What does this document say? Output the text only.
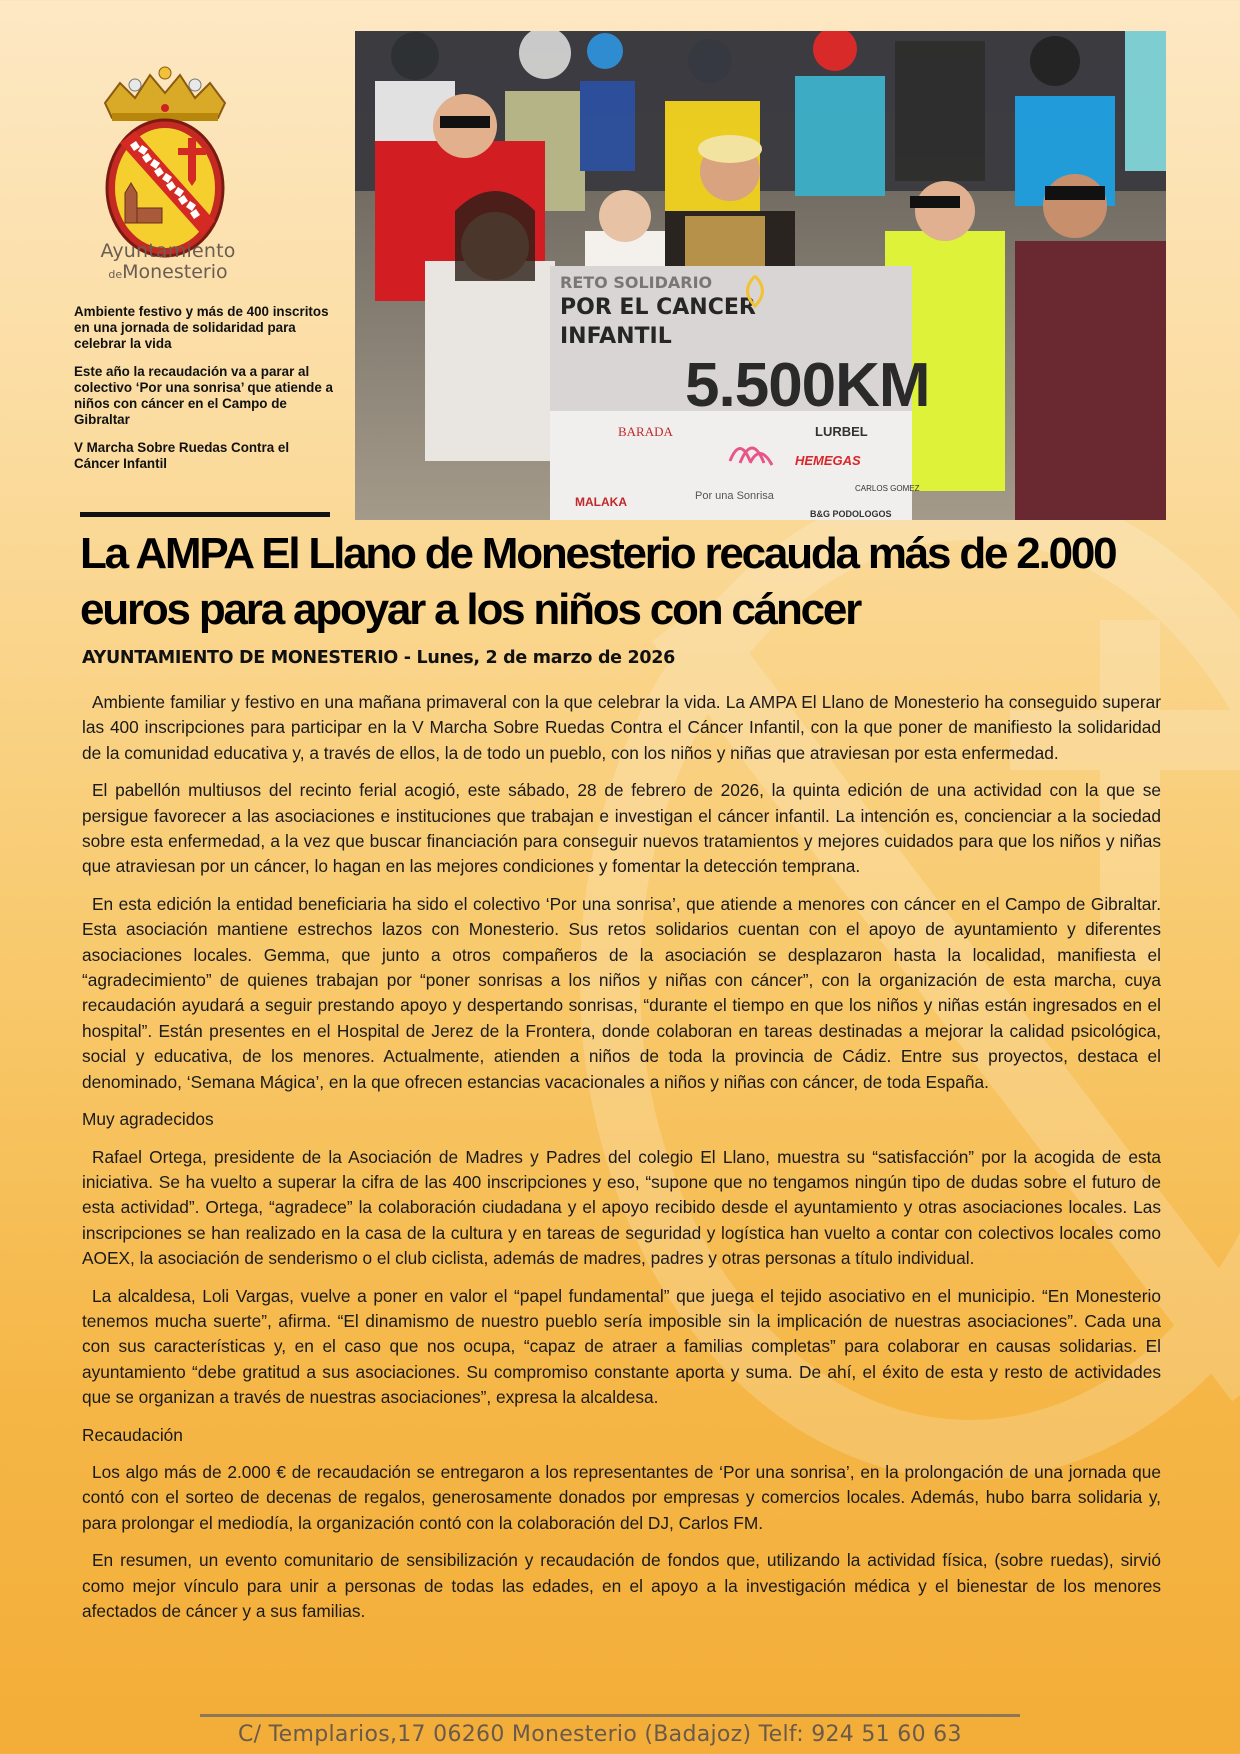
Ayuntamiento
deMonesterio

Ambiente festivo y más de 400 inscritos en una jornada de solidaridad para celebrar la vida

Este año la recaudación va a parar al colectivo ‘Por una sonrisa’ que atiende a niños con cáncer en el Campo de Gibraltar

V Marcha Sobre Ruedas Contra el Cáncer Infantil

RETO SOLIDARIO
POR EL CANCER
INFANTIL
5.500KM
BARADA	LURBEL
HEMEGAS
Por una Sonrisa
MALAKA
B&G PODOLOGOS
CARLOS GOMEZ
La AMPA El Llano de Monesterio recauda más de 2.000 euros para apoyar a los niños con cáncer
AYUNTAMIENTO DE MONESTERIO - Lunes, 2 de marzo de 2026

Ambiente familiar y festivo en una mañana primaveral con la que celebrar la vida. La AMPA El Llano de Monesterio ha conseguido superar las 400 inscripciones para participar en la V Marcha Sobre Ruedas Contra el Cáncer Infantil, con la que poner de manifiesto la solidaridad de la comunidad educativa y, a través de ellos, la de todo un pueblo, con los niños y niñas que atraviesan por esta enfermedad.

El pabellón multiusos del recinto ferial acogió, este sábado, 28 de febrero de 2026, la quinta edición de una actividad con la que se persigue favorecer a las asociaciones e instituciones que trabajan e investigan el cáncer infantil. La intención es, concienciar a la sociedad sobre esta enfermedad, a la vez que buscar financiación para conseguir nuevos tratamientos y mejores cuidados para que los niños y niñas que atraviesan por un cáncer, lo hagan en las mejores condiciones y fomentar la detección temprana.

En esta edición la entidad beneficiaria ha sido el colectivo ‘Por una sonrisa’, que atiende a menores con cáncer en el Campo de Gibraltar. Esta asociación mantiene estrechos lazos con Monesterio. Sus retos solidarios cuentan con el apoyo de ayuntamiento y diferentes asociaciones locales. Gemma, que junto a otros compañeros de la asociación se desplazaron hasta la localidad, manifiesta el “agradecimiento” de quienes trabajan por “poner sonrisas a los niños y niñas con cáncer”, con la organización de esta marcha, cuya recaudación ayudará a seguir prestando apoyo y despertando sonrisas, “durante el tiempo en que los niños y niñas están ingresados en el hospital”. Están presentes en el Hospital de Jerez de la Frontera, donde colaboran en tareas destinadas a mejorar la calidad psicológica, social y educativa, de los menores. Actualmente, atienden a niños de toda la provincia de Cádiz. Entre sus proyectos, destaca el denominado, ‘Semana Mágica’, en la que ofrecen estancias vacacionales a niños y niñas con cáncer, de toda España.

Muy agradecidos

Rafael Ortega, presidente de la Asociación de Madres y Padres del colegio El Llano, muestra su “satisfacción” por la acogida de esta iniciativa. Se ha vuelto a superar la cifra de las 400 inscripciones y eso, “supone que no tengamos ningún tipo de dudas sobre el futuro de esta actividad”. Ortega, “agradece” la colaboración ciudadana y el apoyo recibido desde el ayuntamiento y otras asociaciones locales. Las inscripciones se han realizado en la casa de la cultura y en tareas de seguridad y logística han vuelto a contar con colectivos locales como AOEX, la asociación de senderismo o el club ciclista, además de madres, padres y otras personas a título individual.

La alcaldesa, Loli Vargas, vuelve a poner en valor el “papel fundamental” que juega el tejido asociativo en el municipio. “En Monesterio tenemos mucha suerte”, afirma. “El dinamismo de nuestro pueblo sería imposible sin la implicación de nuestras asociaciones”. Cada una con sus características y, en el caso que nos ocupa, “capaz de atraer a familias completas” para colaborar en causas solidarias. El ayuntamiento “debe gratitud a sus asociaciones. Su compromiso constante aporta y suma. De ahí, el éxito de esta y resto de actividades que se organizan a través de nuestras asociaciones”, expresa la alcaldesa.

Recaudación

Los algo más de 2.000 € de recaudación se entregaron a los representantes de ‘Por una sonrisa’, en la prolongación de una jornada que contó con el sorteo de decenas de regalos, generosamente donados por empresas y comercios locales. Además, hubo barra solidaria y, para prolongar el mediodía, la organización contó con la colaboración del DJ, Carlos FM.

En resumen, un evento comunitario de sensibilización y recaudación de fondos que, utilizando la actividad física, (sobre ruedas), sirvió como mejor vínculo para unir a personas de todas las edades, en el apoyo a la investigación médica y el bienestar de los menores afectados de cáncer y a sus familias.

C/ Templarios,17 06260 Monesterio (Badajoz) Telf: 924 51 60 63
